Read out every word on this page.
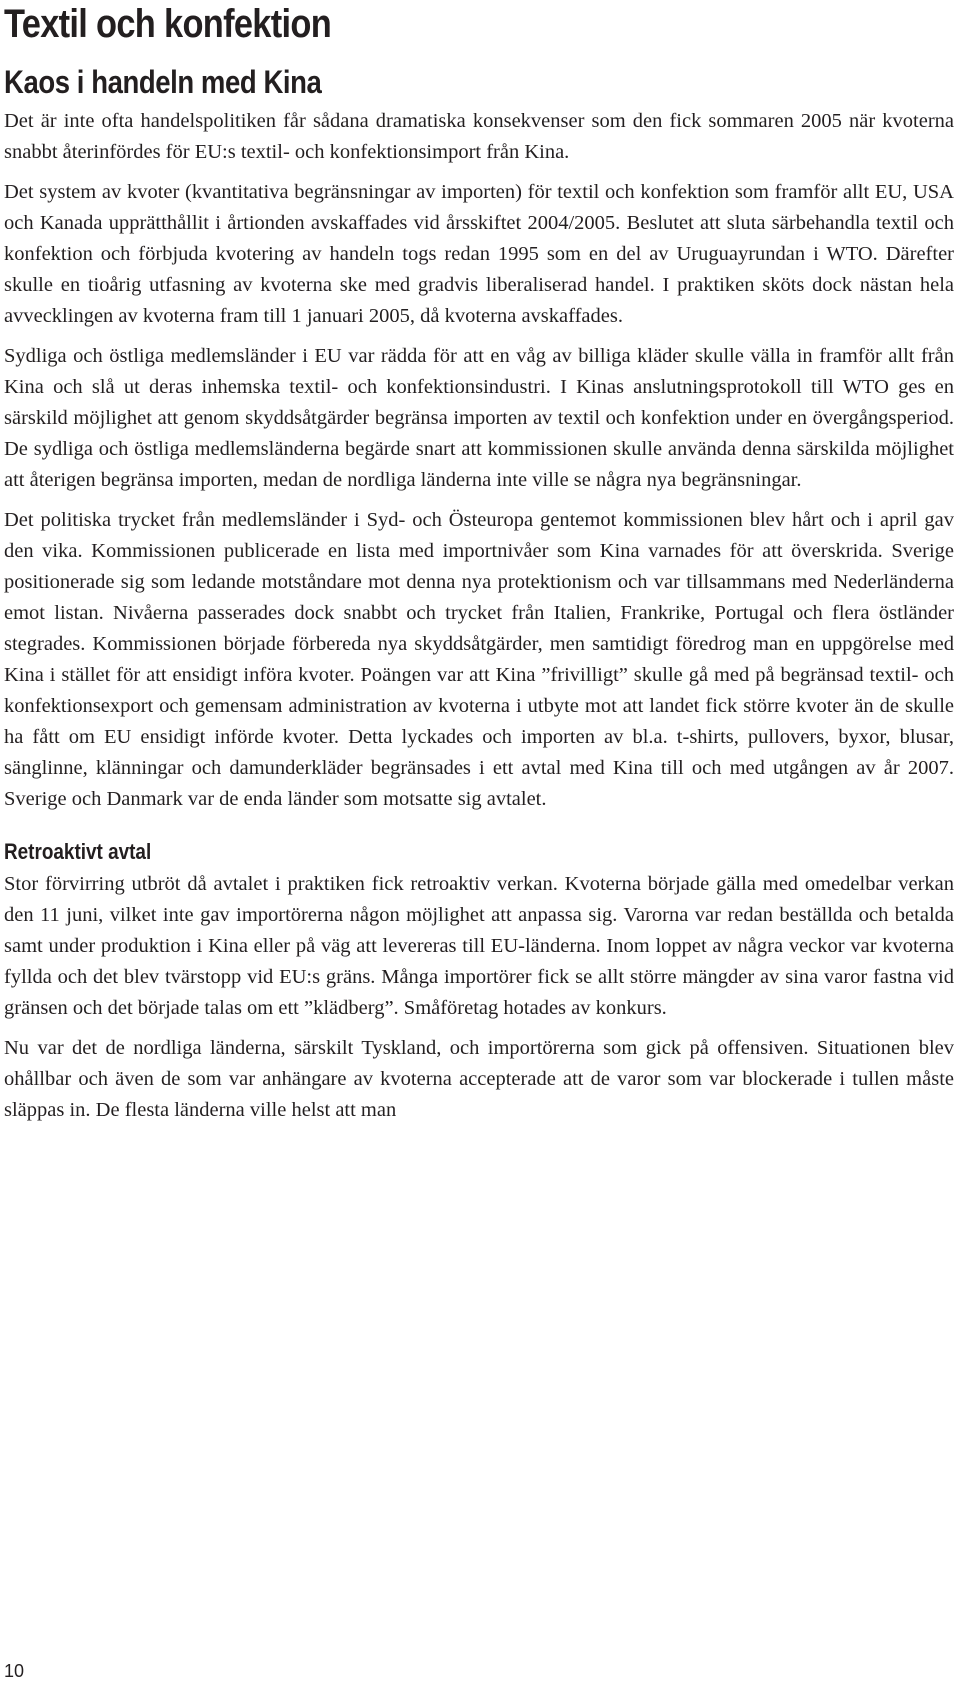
Textil och konfektion
Kaos i handeln med Kina

Det är inte ofta handelspolitiken får sådana dramatiska konsekvenser som den fick sommaren 2005 när kvoterna snabbt återinfördes för EU:s textil- och konfektionsimport från Kina.

Det system av kvoter (kvantitativa begränsningar av importen) för textil och konfektion som framför allt EU, USA och Kanada upprätthållit i årtionden avskaffades vid årsskiftet 2004/2005. Beslutet att sluta särbehandla textil och konfektion och förbjuda kvotering av handeln togs redan 1995 som en del av Uruguayrundan i WTO. Därefter skulle en tioårig utfasning av kvoterna ske med gradvis liberaliserad handel. I praktiken sköts dock nästan hela avvecklingen av kvoterna fram till 1 januari 2005, då kvoterna avskaffades.

Sydliga och östliga medlemsländer i EU var rädda för att en våg av billiga kläder skulle välla in framför allt från Kina och slå ut deras inhemska textil- och konfektionsindustri. I Kinas anslutningsprotokoll till WTO ges en särskild möjlighet att genom skyddsåtgärder begränsa importen av textil och konfektion under en övergångsperiod. De sydliga och östliga medlemsländerna begärde snart att kommissionen skulle använda denna särskilda möjlighet att återigen begränsa importen, medan de nordliga länderna inte ville se några nya begränsningar.

Det politiska trycket från medlemsländer i Syd- och Östeuropa gentemot kommissionen blev hårt och i april gav den vika. Kommissionen publicerade en lista med importnivåer som Kina varnades för att överskrida. Sverige positionerade sig som ledande motståndare mot denna nya protektionism och var tillsammans med Nederländerna emot listan. Nivåerna passerades dock snabbt och trycket från Italien, Frankrike, Portugal och flera östländer stegrades. Kommissionen började förbereda nya skyddsåtgärder, men samtidigt föredrog man en uppgörelse med Kina i stället för att ensidigt införa kvoter. Poängen var att Kina ”frivilligt” skulle gå med på begränsad textil- och konfektionsexport och gemensam administration av kvoterna i utbyte mot att landet fick större kvoter än de skulle ha fått om EU ensidigt införde kvoter. Detta lyckades och importen av bl.a. t-shirts, pullovers, byxor, blusar, sänglinne, klänningar och damunderkläder begränsades i ett avtal med Kina till och med utgången av år 2007. Sverige och Danmark var de enda länder som motsatte sig avtalet.

Retroaktivt avtal

Stor förvirring utbröt då avtalet i praktiken fick retroaktiv verkan. Kvoterna började gälla med omedelbar verkan den 11 juni, vilket inte gav importörerna någon möjlighet att anpassa sig. Varorna var redan beställda och betalda samt under produktion i Kina eller på väg att levereras till EU-länderna. Inom loppet av några veckor var kvoterna fyllda och det blev tvärstopp vid EU:s gräns. Många importörer fick se allt större mängder av sina varor fastna vid gränsen och det började talas om ett ”klädberg”. Småföretag hotades av konkurs.

Nu var det de nordliga länderna, särskilt Tyskland, och importörerna som gick på offensiven. Situationen blev ohållbar och även de som var anhängare av kvoterna accepterade att de varor som var blockerade i tullen måste släppas in. De flesta länderna ville helst att man

10
